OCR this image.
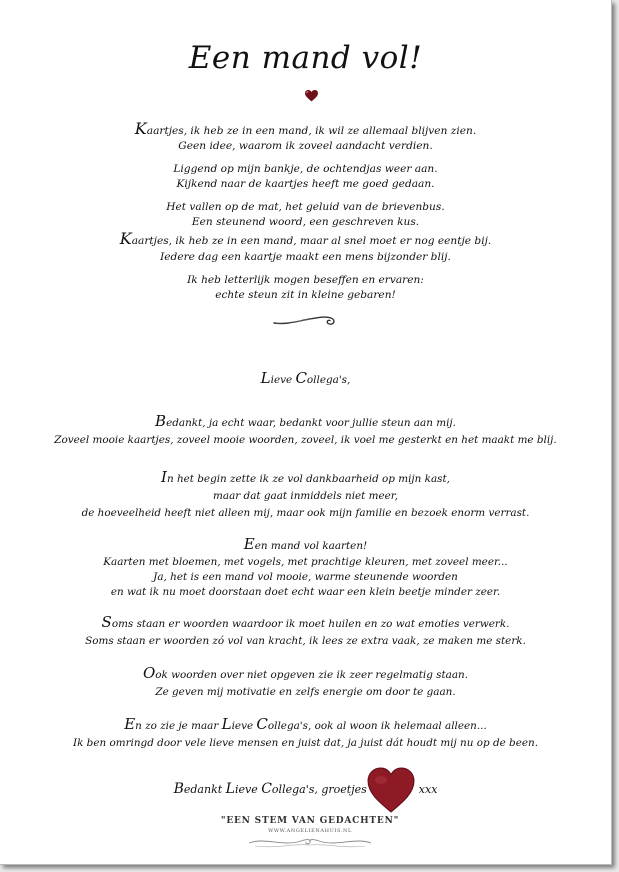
Een mand vol!
Kaartjes, ik heb ze in een mand, ik wil ze allemaal blijven zien.
Geen idee, waarom ik zoveel aandacht verdien.
Liggend op mijn bankje, de ochtendjas weer aan.
Kijkend naar de kaartjes heeft me goed gedaan.
Het vallen op de mat, het geluid van de brievenbus.
Een steunend woord, een geschreven kus.
Kaartjes, ik heb ze in een mand, maar al snel moet er nog eentje bij.
Iedere dag een kaartje maakt een mens bijzonder blij.
Ik heb letterlijk mogen beseffen en ervaren:
echte steun zit in kleine gebaren!
Lieve Collega's,
Bedankt, ja echt waar, bedankt voor jullie steun aan mij.
Zoveel mooie kaartjes, zoveel mooie woorden, zoveel, ik voel me gesterkt en het maakt me blij.
In het begin zette ik ze vol dankbaarheid op mijn kast,
maar dat gaat inmiddels niet meer,
de hoeveelheid heeft niet alleen mij, maar ook mijn familie en bezoek enorm verrast.
Een mand vol kaarten!
Kaarten met bloemen, met vogels, met prachtige kleuren, met zoveel meer...
Ja, het is een mand vol mooie, warme steunende woorden
en wat ik nu moet doorstaan doet echt waar een klein beetje minder zeer.
Soms staan er woorden waardoor ik moet huilen en zo wat emoties verwerk.
Soms staan er woorden zó vol van kracht, ik lees ze extra vaak, ze maken me sterk.
Ook woorden over niet opgeven zie ik zeer regelmatig staan.
Ze geven mij motivatie en zelfs energie om door te gaan.
En zo zie je maar Lieve Collega's, ook al woon ik helemaal alleen...
Ik ben omringd door vele lieve mensen en juist dat, ja juist dát houdt mij nu op de been.
Bedankt Lieve Collega's, groetjes	xxx
"EEN STEM VAN GEDACHTEN"
WWW.ANGELIENAHUIS.NL
